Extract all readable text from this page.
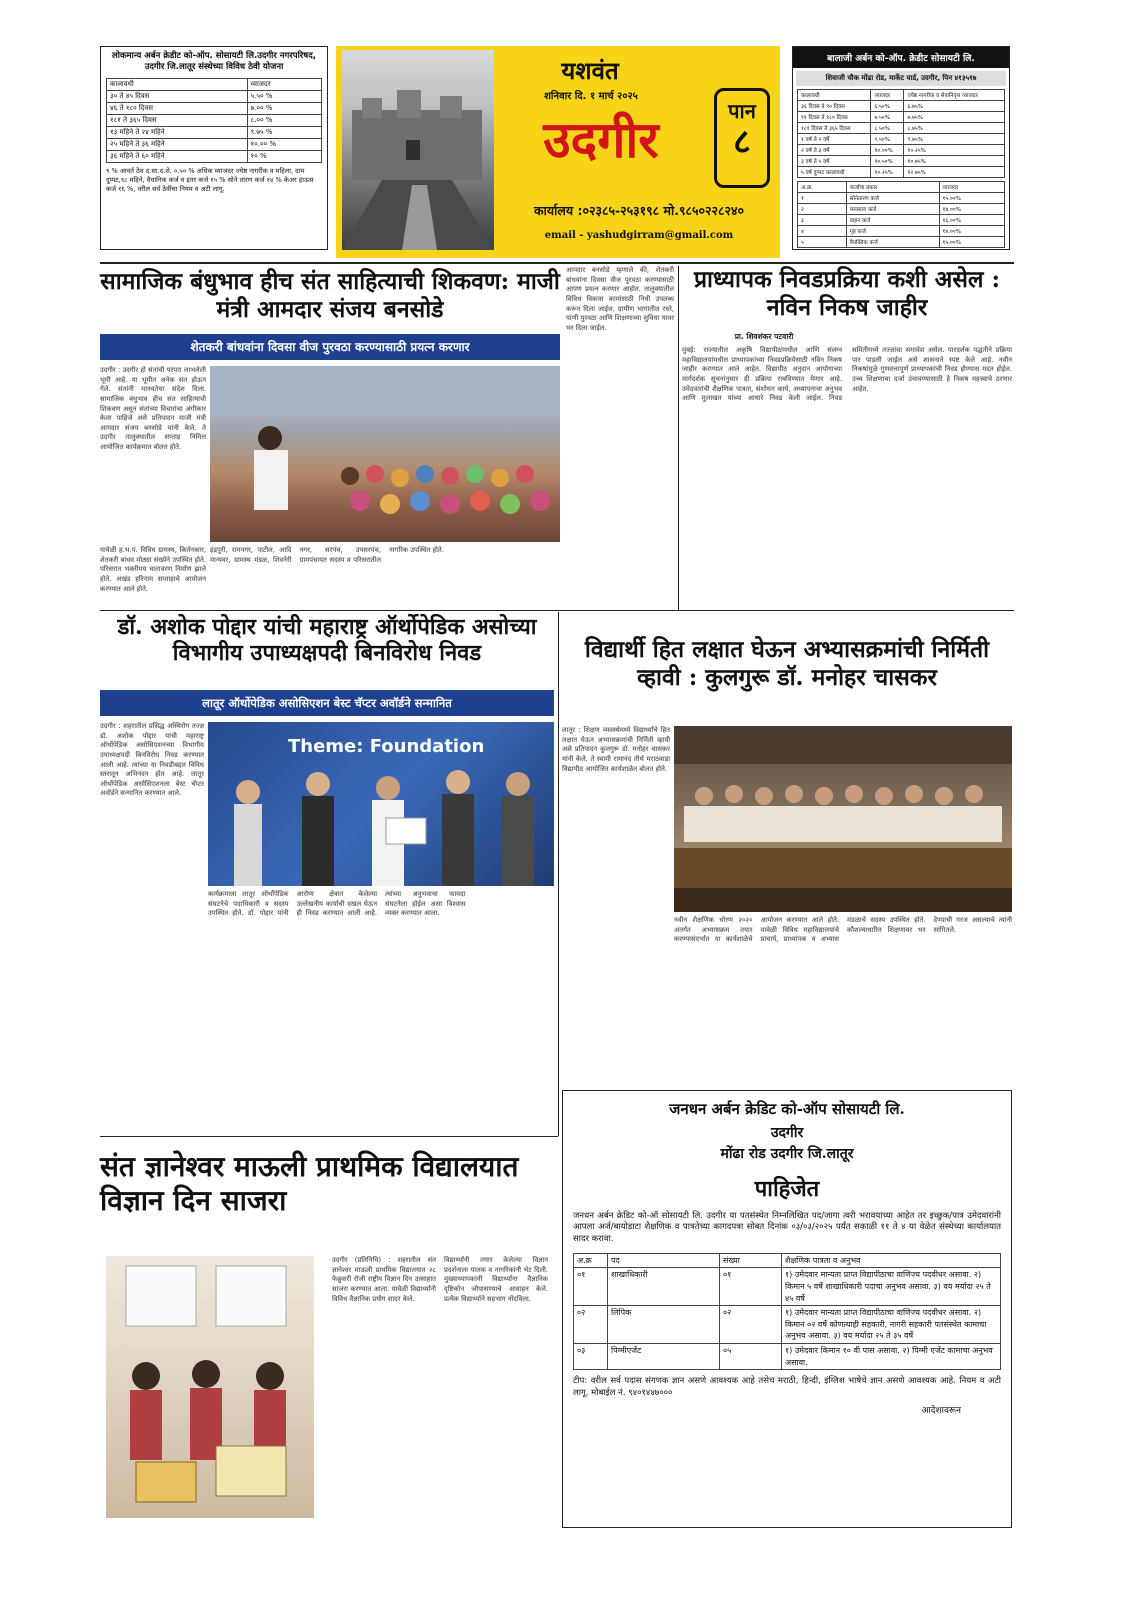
लोकमान्य अर्बन क्रेडीट को-ऑप. सोसायटी लि.उदगीर नगरपरिषद, उदगीर जि.लातूर संस्थेच्या विविध ठेवी योजना
कालावधी	व्याजदर
३० ते ४५ दिवस	५.५० %
४६ ते १८० दिवस	७.०० %
१८१ ते ३६५ दिवस	८.०० %
१३ महिने ते २४ महिने	९.७५ %
२५ महिने ते ३६ महिने	१०.०० %
३६ महिने ते ६० महिने	१० %
९ % आवर्त ठेव द.सा.द.शे. ०.५० % अधिक व्याजदर ज्येष्ठ नागरीक व महिला, दाम दुप्पट,९८ महिने, वैधानिक कर्ज व इतर कर्ज १५ % सोने तारण कर्ज १४ % केअर हाऊस कर्ज १६ %, वरील सर्व ठेवींचा नियम व अटी लागू.
यशवंत
शनिवार दि. १ मार्च २०२५
उदगीर	पान
८
कार्यालय :०२३८५-२५३१९८ मो.९८५०२२८२४०
email - yashudgirram@gmail.com
बालाजी अर्बन को-ऑप. क्रेडीट सोसायटी लि.
शिवाजी चौक मोंढा रोड, मार्केट यार्ड, उदगीर, पिन ४१३५१७
कालावधी	व्याजदर	ज्येष्ठ नागरीक व सेवानिवृत्त व्याजदर
३६ दिवस ते ९० दिवस	६.५०%	६.७५%
९१ दिवस ते १८० दिवस	७.५०%	७.७५%
१८१ दिवस ते ३६५ दिवस	८.५०%	८.७५%
१ वर्ष ते २ वर्षे	९.५०%	९.७५%
२ वर्ष ते ३ वर्षे	१०.००%	१०.२५%
३ वर्ष ते ५ वर्षे	१०.५०%	१०.७५%
५ वर्ष दुप्पट कालावधी	१०.२५%	१२.७५%
अ.क्र.	कर्जाचा प्रकार	व्याजदर
१	सोनेतारण कर्ज	१५.००%
२	व्यवसाय कर्ज	१४.००%
३	वाहन कर्ज	१६.००%
४	गृह कर्ज	१४.००%
५	वैयक्तिक कर्ज	१५.००%
सामाजिक बंधुभाव हीच संत साहित्याची शिकवण: माजी मंत्री आमदार संजय बनसोडे
शेतकरी बांधवांना दिवसा वीज पुरवठा करण्यासाठी प्रयत्न करणार
उदगीर : उदगीर हो संतांची परंपरा लाभलेली भूमी आहे. या भूमीत अनेक संत होऊन गेले. संतांनी मानवतेचा संदेश दिला. सामाजिक बंधुभाव हीच संत साहित्याची शिकवण असून संतांच्या विचारांचा अंगीकार केला पाहिजे असे प्रतिपादन माजी मंत्री आमदार संजय बनसोडे यांनी केले. ते उदगीर तालुक्यातील सप्ताह निमित्त आयोजित कार्यक्रमात बोलत होते.
इंद्रपुरी, रामनगर, पाटील, आदि मान्यवर, ग्रामस्थ मंडळ, शिवनेरी नगर, सरपंच, उपसरपंच, ग्रामपंचायत सदस्य व परिसरातील नागरिक उपस्थित होते.
यावेळी ह.भ.प. विविध ग्रामस्थ, किर्तनकार, शेतकरी बांधव मोठ्या संख्येने उपस्थित होते. परिसरात भक्तीमय वातावरण निर्माण झाले होते. अखंड हरिनाम सप्ताहाचे आयोजन करण्यात आले होते.
आमदार बनसोडे म्हणाले की, शेतकरी बांधवांना दिवसा वीज पुरवठा करण्यासाठी आपण प्रयत्न करणार आहोत. तालुक्यातील विविध विकास कामांसाठी निधी उपलब्ध करून दिला जाईल. ग्रामीण भागातील रस्ते, पाणी पुरवठा आणि शिक्षणाच्या सुविधा यावर भर दिला जाईल.
प्राध्यापक निवडप्रक्रिया कशी असेल : नविन निकष जाहीर
प्रा. शिवशंकर पटवारी
मुंबई: राज्यातील अकृषि विद्यापीठांमधील आणि संलग्न महाविद्यालयांमधील प्राध्यापकांच्या निवडप्रक्रियेसाठी नविन निकष जाहीर करण्यात आले आहेत. विद्यापीठ अनुदान आयोगाच्या मार्गदर्शक सूचनांनुसार ही प्रक्रिया राबविण्यात येणार आहे. उमेदवारांची शैक्षणिक पात्रता, संशोधन कार्य, अध्यापनाचा अनुभव आणि मुलाखत यांच्या आधारे निवड केली जाईल. निवड समितीमध्ये तज्ज्ञांचा समावेश असेल. पारदर्शक पद्धतीने प्रक्रिया पार पाडली जाईल असे शासनाने स्पष्ट केले आहे. नवीन निकषांमुळे गुणवत्तापूर्ण प्राध्यापकांची निवड होण्यास मदत होईल. उच्च शिक्षणाचा दर्जा उंचावण्यासाठी हे निकष महत्त्वाचे ठरणार आहेत.
डॉ. अशोक पोद्दार यांची महाराष्ट्र ऑर्थोपेडिक असोच्या विभागीय उपाध्यक्षपदी बिनविरोध निवड
लातूर ऑर्थोपेडिक असोसिएशन बेस्ट चॅप्टर अवॉर्डने सन्मानित
उदगीर : शहरातील प्रसिद्ध अस्थिरोग तज्ज्ञ डॉ. अशोक पोद्दार यांची महाराष्ट्र ऑर्थोपेडिक असोसिएशनच्या विभागीय उपाध्यक्षपदी बिनविरोध निवड करण्यात आली आहे. त्यांच्या या निवडीबद्दल विविध स्तरातून अभिनंदन होत आहे. लातूर ऑर्थोपेडिक असोसिएशनला बेस्ट चॅप्टर अवॉर्डने सन्मानित करण्यात आले.
Theme: Foundation
कार्यक्रमाला लातूर ऑर्थोपेडिक संघटनेचे पदाधिकारी व सदस्य उपस्थित होते. डॉ. पोद्दार यांनी आरोग्य क्षेत्रात केलेल्या उल्लेखनीय कार्याची दखल घेऊन ही निवड करण्यात आली आहे. त्यांच्या अनुभवाचा फायदा संघटनेला होईल असा विश्वास व्यक्त करण्यात आला.
विद्यार्थी हित लक्षात घेऊन अभ्यासक्रमांची निर्मिती व्हावी : कुलगुरू डॉ. मनोहर चासकर
लातूर : शिक्षण व्यवस्थेमध्ये विद्यार्थ्यांचे हित लक्षात घेऊन अभ्यासक्रमांची निर्मिती व्हावी असे प्रतिपादन कुलगुरू डॉ. मनोहर चासकर यांनी केले. ते स्वामी रामानंद तीर्थ मराठवाडा विद्यापीठ आयोजित कार्यशाळेत बोलत होते.
नवीन शैक्षणिक धोरण २०२० अंतर्गत अभ्यासक्रम तयार करण्यासंदर्भात या कार्यशाळेचे आयोजन करण्यात आले होते. यावेळी विविध महाविद्यालयांचे प्राचार्य, प्राध्यापक व अभ्यास मंडळाचे सदस्य उपस्थित होते. कौशल्याधारित शिक्षणावर भर देण्याची गरज असल्याचे त्यांनी सांगितले.
जनधन अर्बन क्रेडिट को-ऑप सोसायटी लि.
उदगीर
मोंढा रोड उदगीर जि.लातूर
पाहिजेत
जनधन अर्बन क्रेडिट को-ऑ सोसायटी लि. उदगीर या पतसंस्थेत निम्नलिखित पद/जागा त्वरी भरावयाच्या आहेत तर इच्छुक/पात्र उमेदवारांनी आपला अर्ज/बायोडाटा शैक्षणिक व पात्रतेच्या कागदपत्रा सोबत दिनांक ०३/०३/२०२५ पर्यंत सकाळी ११ ते ४ या वेळेत संस्थेच्या कार्यालयात सादर करावा.
अ.क्र	पद	संख्या	शैक्षणिक पात्रता व अनुभव
०१	शाखाधिकारी	०१	१) उमेदवार मान्यता प्राप्त विद्यापीठाचा वाणिज्य पदवीधर असावा. २) किमान ५ वर्षे शाखाधिकारी पदाचा अनुभव असावा. ३) वय मर्यादा २५ ते ४५ वर्षे
०२	लिपिक	०२	१) उमेदवार मान्यता प्राप्त विद्यापीठाचा वाणिज्य पदवीधर असावा. २) किमान ०२ वर्षे कोणत्याही सहकारी, नागरी सहकारी पतसंस्थेत कामाचा अनुभव असावा. ३) वय मर्यादा २५ ते ३५ वर्षे
०३	पिग्मीएजेंट	०५	१) उमेदवार किमान १० वी पास असावा. २) पिग्मी एजेंट कामाचा अनुभव असावा.
टीप: वरील सर्व पदास संगणक ज्ञान असणे आवश्यक आहे तसेच मराठी, हिन्दी, इंग्लिश भाषेचे ज्ञान असणे आवश्यक आहे. नियम व अटी लागू. मोबाईल नं. ९४०१४४७०००
आदेशावरून
संत ज्ञानेश्वर माऊली प्राथमिक विद्यालयात विज्ञान दिन साजरा
उदगीर (प्रतिनिधि) : शहरातील संत ज्ञानेश्वर माऊली प्राथमिक विद्यालयात २८ फेब्रुवारी रोजी राष्ट्रीय विज्ञान दिन उत्साहात साजरा करण्यात आला. यावेळी विद्यार्थ्यांनी विविध वैज्ञानिक प्रयोग सादर केले.
विद्यार्थ्यांनी तयार केलेल्या विज्ञान प्रदर्शनाला पालक व नागरिकांनी भेट दिली. मुख्याध्यापकांनी विद्यार्थ्यांना वैज्ञानिक दृष्टिकोन जोपासण्याचे आवाहन केले. प्रत्येक विद्यार्थ्याने सहभाग नोंदविला.
